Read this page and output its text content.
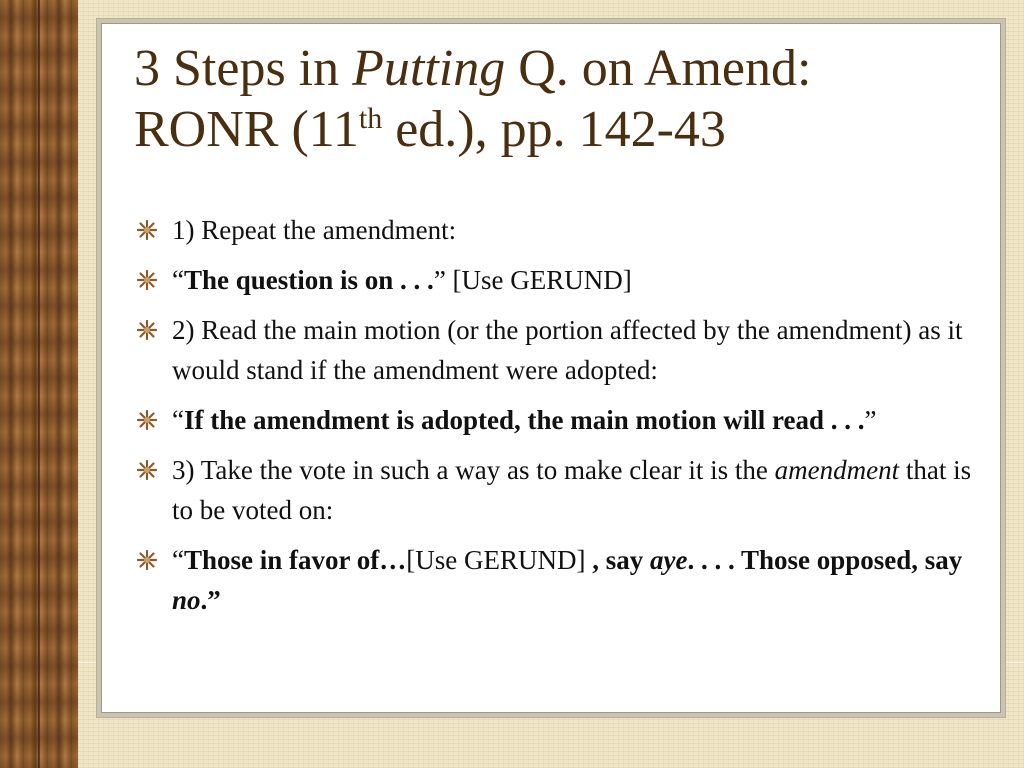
3 Steps in Putting Q. on Amend:
RONR (11th ed.), pp. 142-43
1) Repeat the amendment:
“The question is on . . .” [Use GERUND]
2) Read the main motion (or the portion affected by the amendment) as it would stand if the amendment were adopted:
“If the amendment is adopted, the main motion will read . . .”
3) Take the vote in such a way as to make clear it is the amendment that is to be voted on:
“Those in favor of…[Use GERUND] , say aye. . . . Those opposed, say no.”
